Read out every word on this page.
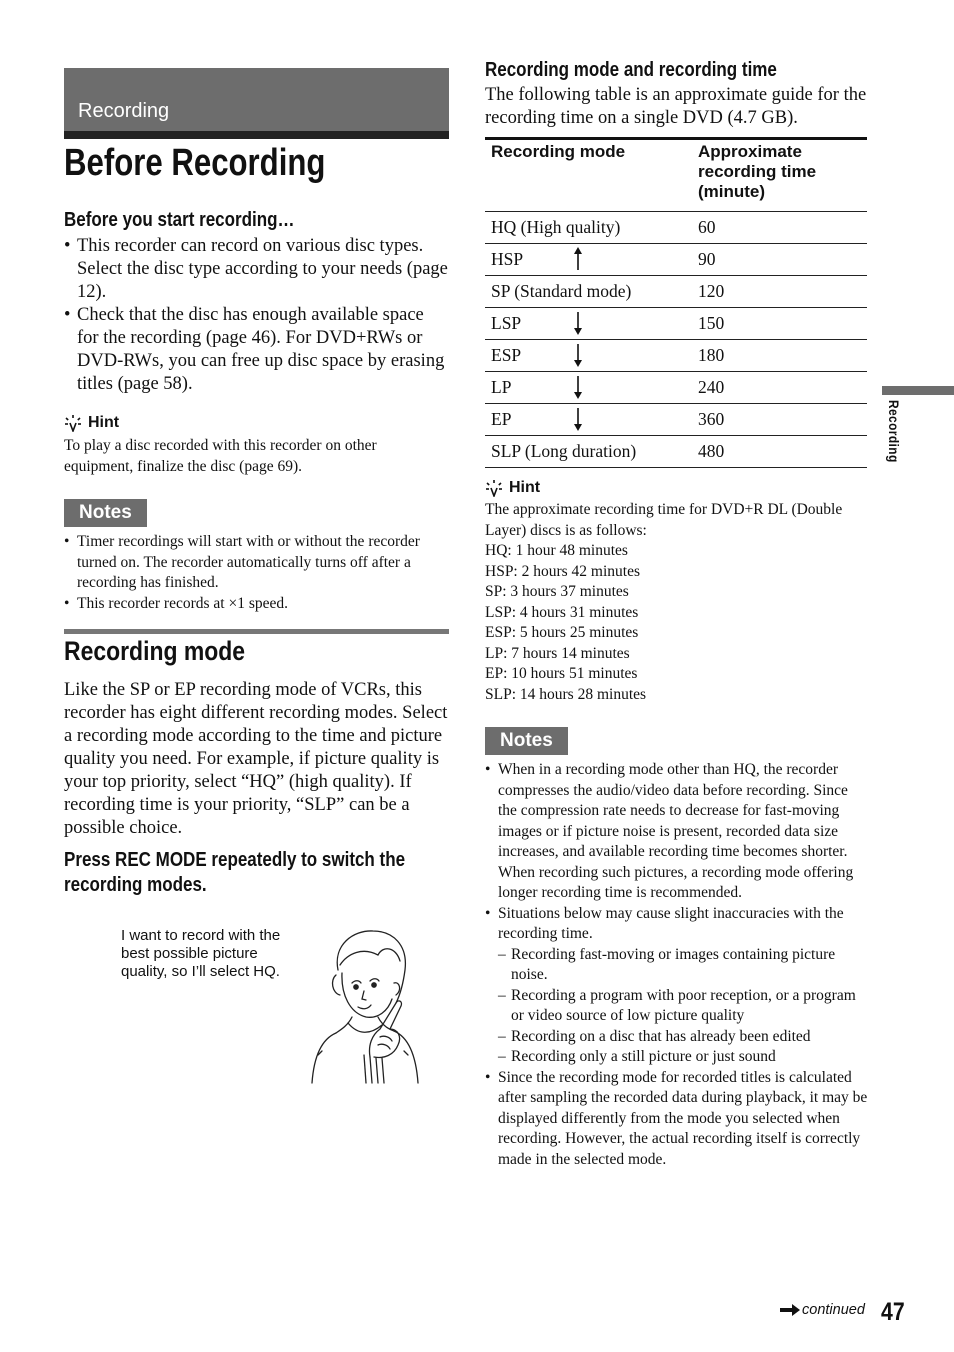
Recording
Before Recording
Before you start recording…
• This recorder can record on various disc types. Select the disc type according to your needs (page 12).
• Check that the disc has enough available space for the recording (page 46). For DVD+RWs or DVD-RWs, you can free up disc space by erasing titles (page 58).
Hint
To play a disc recorded with this recorder on other equipment, finalize the disc (page 69).
Notes
• Timer recordings will start with or without the recorder turned on. The recorder automatically turns off after a recording has finished.
• This recorder records at ×1 speed.
Recording mode
Like the SP or EP recording mode of VCRs, this recorder has eight different recording modes. Select a recording mode according to the time and picture quality you need. For example, if picture quality is your top priority, select “HQ” (high quality). If recording time is your priority, “SLP” can be a possible choice.
Press REC MODE repeatedly to switch the recording modes.
I want to record with the best possible picture quality, so I’ll select HQ.
Recording mode and recording time
The following table is an approximate guide for the recording time on a single DVD (4.7 GB).
Recording mode	Approximate recording time (minute)
HQ (High quality)	60
HSP	90
SP (Standard mode)	120
LSP	150
ESP	180
LP	240
EP	360
SLP (Long duration)	480
Hint
The approximate recording time for DVD+R DL (Double Layer) discs is as follows:
HQ: 1 hour 48 minutes
HSP: 2 hours 42 minutes
SP: 3 hours 37 minutes
LSP: 4 hours 31 minutes
ESP: 5 hours 25 minutes
LP: 7 hours 14 minutes
EP: 10 hours 51 minutes
SLP: 14 hours 28 minutes
Notes
• When in a recording mode other than HQ, the recorder compresses the audio/video data before recording. Since the compression rate needs to decrease for fast-moving images or if picture noise is present, recorded data size increases, and available recording time becomes shorter. When recording such pictures, a recording mode offering longer recording time is recommended.
• Situations below may cause slight inaccuracies with the recording time.
– Recording fast-moving or images containing picture noise.
– Recording a program with poor reception, or a program or video source of low picture quality
– Recording on a disc that has already been edited
– Recording only a still picture or just sound
• Since the recording mode for recorded titles is calculated after sampling the recorded data during playback, it may be displayed differently from the mode you selected when recording. However, the actual recording itself is correctly made in the selected mode.
Recording
continued 47
